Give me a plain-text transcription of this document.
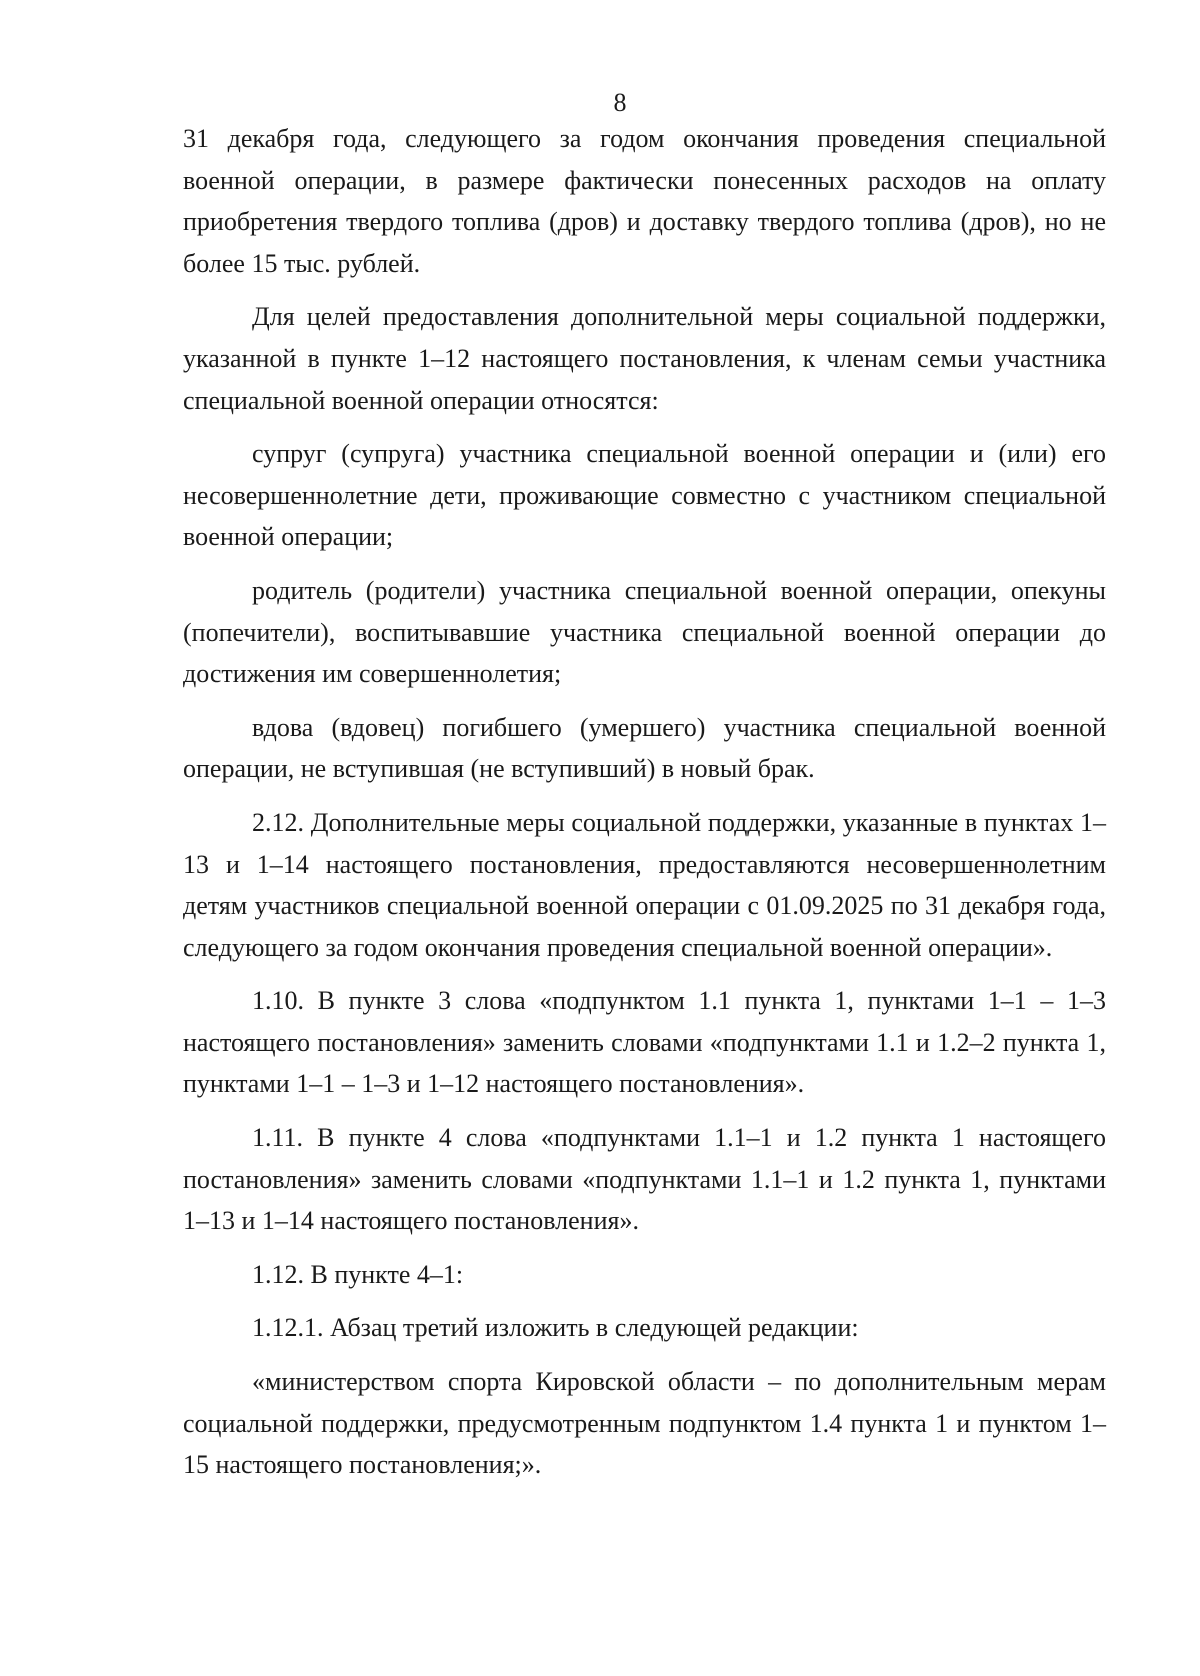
8

31 декабря года, следующего за годом окончания проведения специальной военной операции, в размере фактически понесенных расходов на оплату приобретения твердого топлива (дров) и доставку твердого топлива (дров), но не более 15 тыс. рублей.

Для целей предоставления дополнительной меры социальной поддержки, указанной в пункте 1–12 настоящего постановления, к членам семьи участника специальной военной операции относятся:

супруг (супруга) участника специальной военной операции и (или) его несовершеннолетние дети, проживающие совместно с участником специальной военной операции;

родитель (родители) участника специальной военной операции, опекуны (попечители), воспитывавшие участника специальной военной операции до достижения им совершеннолетия;

вдова (вдовец) погибшего (умершего) участника специальной военной операции, не вступившая (не вступивший) в новый брак.

2.12. Дополнительные меры социальной поддержки, указанные в пунктах 1–13 и 1–14 настоящего постановления, предоставляются несовершеннолетним детям участников специальной военной операции с 01.09.2025 по 31 декабря года, следующего за годом окончания проведения специальной военной операции».

1.10. В пункте 3 слова «подпунктом 1.1 пункта 1, пунктами 1–1 – 1–3 настоящего постановления» заменить словами «подпунктами 1.1 и 1.2–2 пункта 1, пунктами 1–1 – 1–3 и 1–12 настоящего постановления».

1.11. В пункте 4 слова «подпунктами 1.1–1 и 1.2 пункта 1 настоящего постановления» заменить словами «подпунктами 1.1–1 и 1.2 пункта 1, пунктами 1–13 и 1–14 настоящего постановления».

1.12. В пункте 4–1:

1.12.1. Абзац третий изложить в следующей редакции:

«министерством спорта Кировской области – по дополнительным мерам социальной поддержки, предусмотренным подпунктом 1.4 пункта 1 и пунктом 1–15 настоящего постановления;».
